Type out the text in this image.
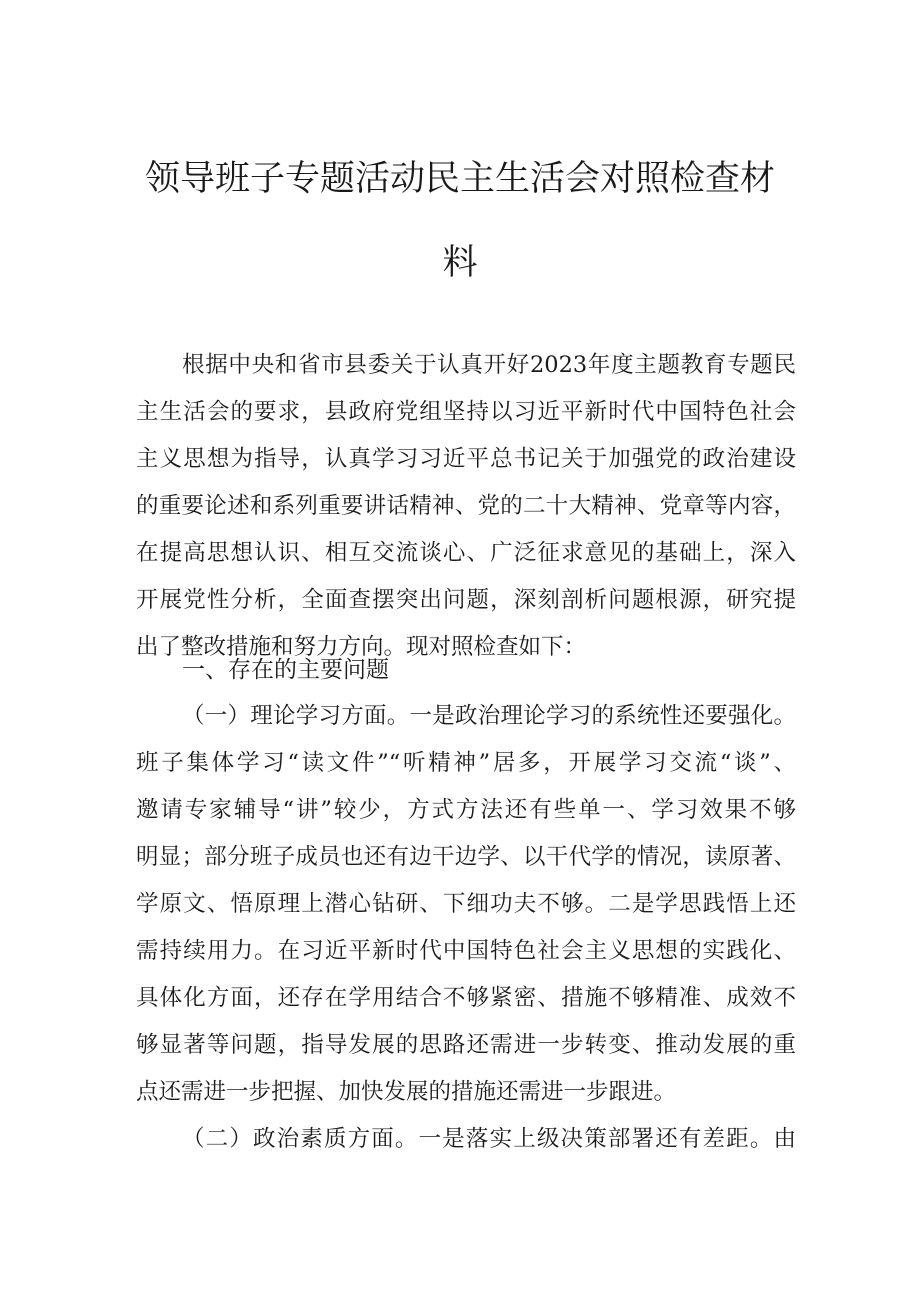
领导班子专题活动民主生活会对照检查材
料
根据中央和省市县委关于认真开好2023年度主题教育专题民
主生活会的要求，县政府党组坚持以习近平新时代中国特色社会
主义思想为指导，认真学习习近平总书记关于加强党的政治建设
的重要论述和系列重要讲话精神、党的二十大精神、党章等内容，
在提高思想认识、相互交流谈心、广泛征求意见的基础上，深入
开展党性分析，全面查摆突出问题，深刻剖析问题根源，研究提
出了整改措施和努力方向。现对照检查如下：
一、存在的主要问题
（一）理论学习方面。一是政治理论学习的系统性还要强化。
班子集体学习“读文件”“听精神”居多，开展学习交流“谈”、
邀请专家辅导“讲”较少，方式方法还有些单一、学习效果不够
明显；部分班子成员也还有边干边学、以干代学的情况，读原著、
学原文、悟原理上潜心钻研、下细功夫不够。二是学思践悟上还
需持续用力。在习近平新时代中国特色社会主义思想的实践化、
具体化方面，还存在学用结合不够紧密、措施不够精准、成效不
够显著等问题，指导发展的思路还需进一步转变、推动发展的重
点还需进一步把握、加快发展的措施还需进一步跟进。
（二）政治素质方面。一是落实上级决策部署还有差距。由
